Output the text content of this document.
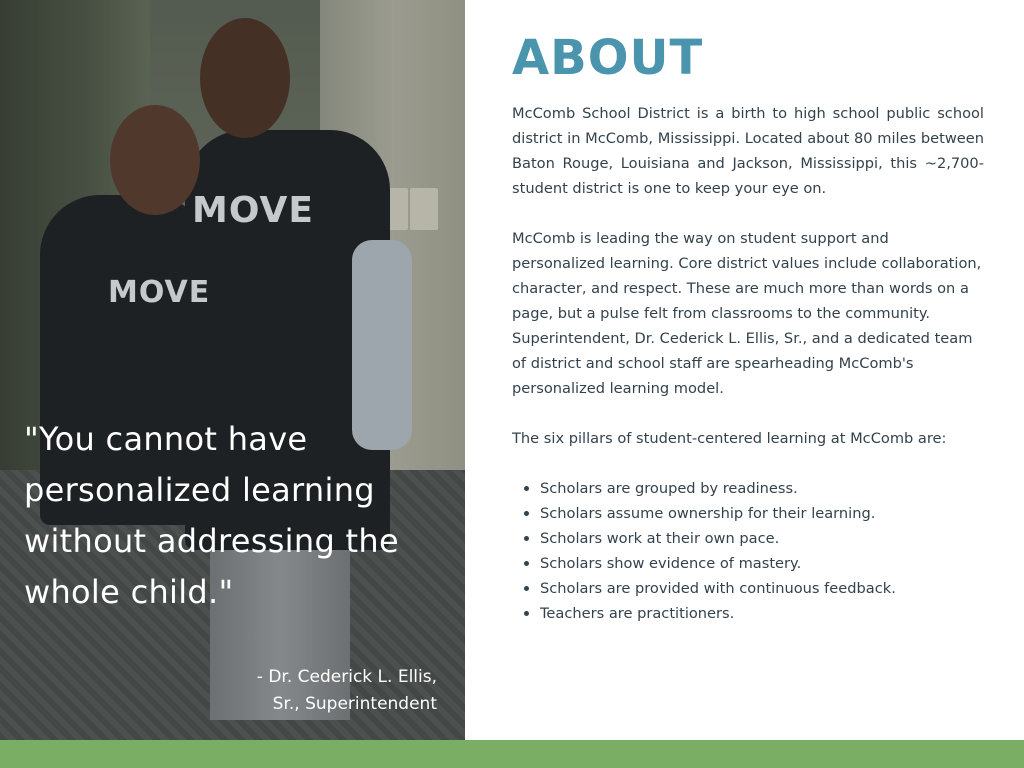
MOVE
MOVE
"You cannot have personalized learning without addressing the whole child."
- Dr. Cederick L. Ellis,
Sr., Superintendent
ABOUT

McComb School District is a birth to high school public school district in McComb, Mississippi. Located about 80 miles between Baton Rouge, Louisiana and Jackson, Mississippi, this ~2,700-student district is one to keep your eye on.

McComb is leading the way on student support and personalized learning. Core district values include collaboration, character, and respect. These are much more than words on a page, but a pulse felt from classrooms to the community. Superintendent, Dr. Cederick L. Ellis, Sr., and a dedicated team of district and school staff are spearheading McComb's personalized learning model.

The six pillars of student-centered learning at McComb are:

Scholars are grouped by readiness.
Scholars assume ownership for their learning.
Scholars work at their own pace.
Scholars show evidence of mastery.
Scholars are provided with continuous feedback.
Teachers are practitioners.
